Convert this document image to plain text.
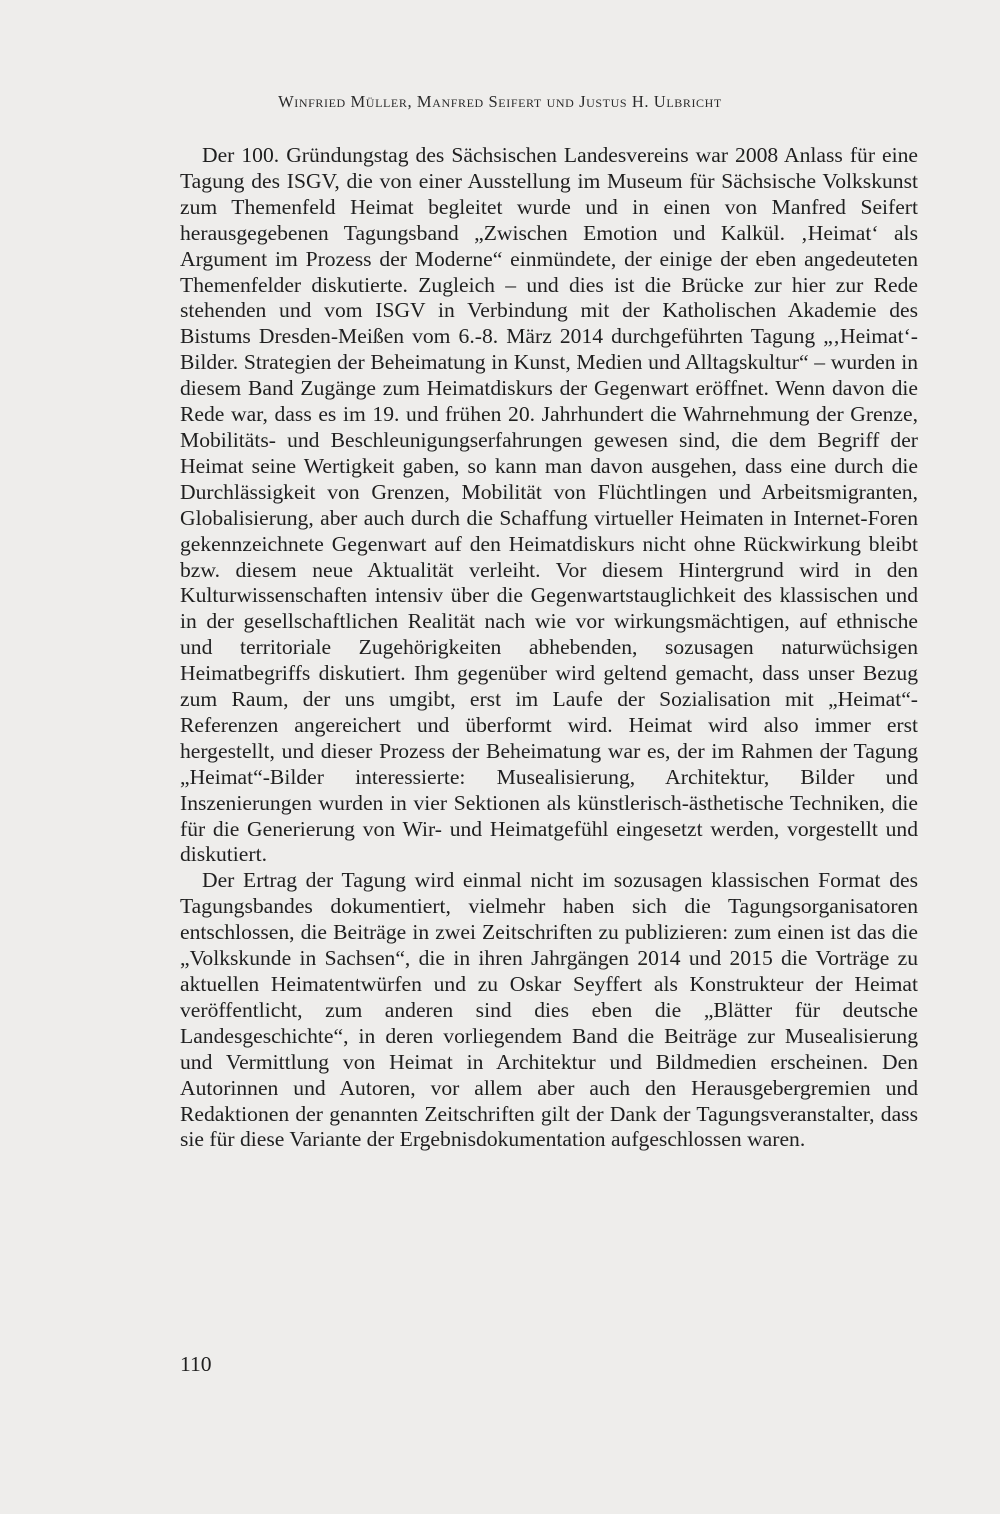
Winfried Müller, Manfred Seifert und Justus H. Ulbricht

Der 100. Gründungstag des Sächsischen Landesvereins war 2008 Anlass für eine Tagung des ISGV, die von einer Ausstellung im Museum für Sächsische Volkskunst zum Themenfeld Heimat begleitet wurde und in einen von Manfred Seifert herausgegebenen Tagungsband „Zwischen Emotion und Kalkül. ‚Heimat‘ als Argument im Prozess der Moderne“ einmündete, der einige der eben angedeuteten Themenfelder diskutierte. Zugleich – und dies ist die Brücke zur hier zur Rede stehenden und vom ISGV in Verbindung mit der Katholischen Akademie des Bistums Dresden-Meißen vom 6.-8. März 2014 durchgeführten Tagung „‚Heimat‘-Bilder. Strategien der Beheimatung in Kunst, Medien und Alltagskultur“ – wurden in diesem Band Zugänge zum Heimatdiskurs der Gegenwart eröffnet. Wenn davon die Rede war, dass es im 19. und frühen 20. Jahrhundert die Wahrnehmung der Grenze, Mobilitäts- und Beschleunigungserfahrungen gewesen sind, die dem Begriff der Heimat seine Wertigkeit gaben, so kann man davon ausgehen, dass eine durch die Durchlässigkeit von Grenzen, Mobilität von Flüchtlingen und Arbeitsmigranten, Globalisierung, aber auch durch die Schaffung virtueller Heimaten in Internet-Foren gekennzeichnete Gegenwart auf den Heimatdiskurs nicht ohne Rückwirkung bleibt bzw. diesem neue Aktualität verleiht. Vor diesem Hintergrund wird in den Kulturwissenschaften intensiv über die Gegenwartstauglichkeit des klassischen und in der gesellschaftlichen Realität nach wie vor wirkungsmächtigen, auf ethnische und territoriale Zugehörigkeiten abhebenden, sozusagen naturwüchsigen Heimatbegriffs diskutiert. Ihm gegenüber wird geltend gemacht, dass unser Bezug zum Raum, der uns umgibt, erst im Laufe der Sozialisation mit „Heimat“-Referenzen angereichert und überformt wird. Heimat wird also immer erst hergestellt, und dieser Prozess der Beheimatung war es, der im Rahmen der Tagung „Heimat“-Bilder interessierte: Musealisierung, Architektur, Bilder und Inszenierungen wurden in vier Sektionen als künstlerisch-ästhetische Techniken, die für die Generierung von Wir- und Heimatgefühl eingesetzt werden, vorgestellt und diskutiert.

Der Ertrag der Tagung wird einmal nicht im sozusagen klassischen Format des Tagungsbandes dokumentiert, vielmehr haben sich die Tagungsorganisatoren entschlossen, die Beiträge in zwei Zeitschriften zu publizieren: zum einen ist das die „Volkskunde in Sachsen“, die in ihren Jahrgängen 2014 und 2015 die Vorträge zu aktuellen Heimatentwürfen und zu Oskar Seyffert als Konstrukteur der Heimat veröffentlicht, zum anderen sind dies eben die „Blätter für deutsche Landesgeschichte“, in deren vorliegendem Band die Beiträge zur Musealisierung und Vermittlung von Heimat in Architektur und Bildmedien erscheinen. Den Autorinnen und Autoren, vor allem aber auch den Herausgebergremien und Redaktionen der genannten Zeitschriften gilt der Dank der Tagungsveranstalter, dass sie für diese Variante der Ergebnisdokumentation aufgeschlossen waren.

110
